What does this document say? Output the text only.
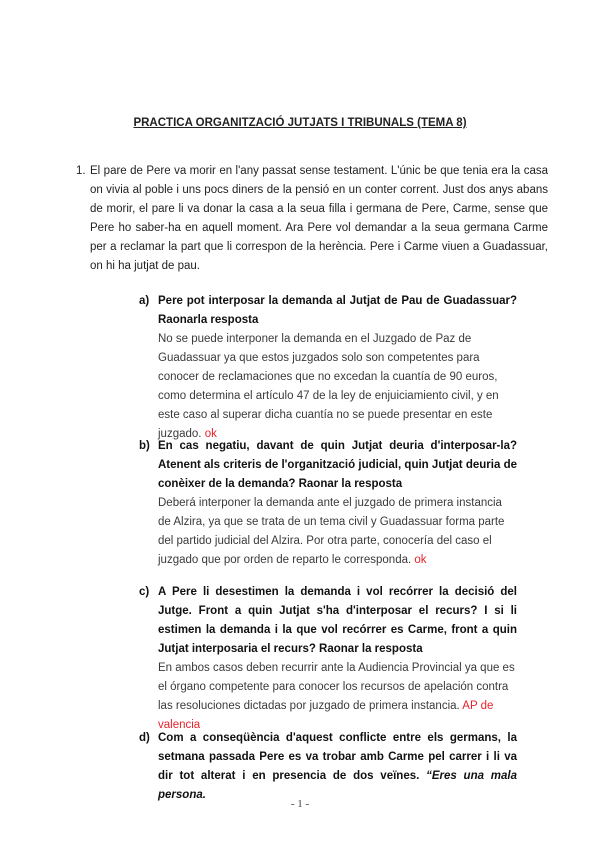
PRACTICA ORGANITZACIÓ JUTJATS I TRIBUNALS (TEMA 8)
1. El pare de Pere va morir en l'any passat sense testament. L'únic be que tenia era la casa on vivia al poble i uns pocs diners de la pensió en un conter corrent. Just dos anys abans de morir, el pare li va donar la casa a la seua filla i germana de Pere, Carme, sense que Pere ho saber-ha en aquell moment. Ara Pere vol demandar a la seua germana Carme per a reclamar la part que li correspon de la herència. Pere i Carme viuen a Guadassuar, on hi ha jutjat de pau.
a) Pere pot interposar la demanda al Jutjat de Pau de Guadassuar? Raonarla resposta
No se puede interponer la demanda en el Juzgado de Paz de Guadassuar ya que estos juzgados solo son competentes para conocer de reclamaciones que no excedan la cuantía de 90 euros, como determina el artículo 47 de la ley de enjuiciamiento civil, y en este caso al superar dicha cuantía no se puede presentar en este juzgado. ok
b) En cas negatiu, davant de quin Jutjat deuria d'interposar-la? Atenent als criteris de l'organització judicial, quin Jutjat deuria de conèixer de la demanda? Raonar la resposta
Deberá interponer la demanda ante el juzgado de primera instancia de Alzira, ya que se trata de un tema civil y Guadassuar forma parte del partido judicial del Alzira. Por otra parte, conocería del caso el juzgado que por orden de reparto le corresponda. ok
c) A Pere li desestimen la demanda i vol recórrer la decisió del Jutge. Front a quin Jutjat s'ha d'interposar el recurs? I si li estimen la demanda i la que vol recórrer es Carme, front a quin Jutjat interposaria el recurs? Raonar la resposta
En ambos casos deben recurrir ante la Audiencia Provincial ya que es el órgano competente para conocer los recursos de apelación contra las resoluciones dictadas por juzgado de primera instancia. AP de valencia
d) Com a conseqüència d'aquest conflicte entre els germans, la setmana passada Pere es va trobar amb Carme pel carrer i li va dir tot alterat i en presencia de dos veïnes. “Eres una mala persona.
- 1 -
